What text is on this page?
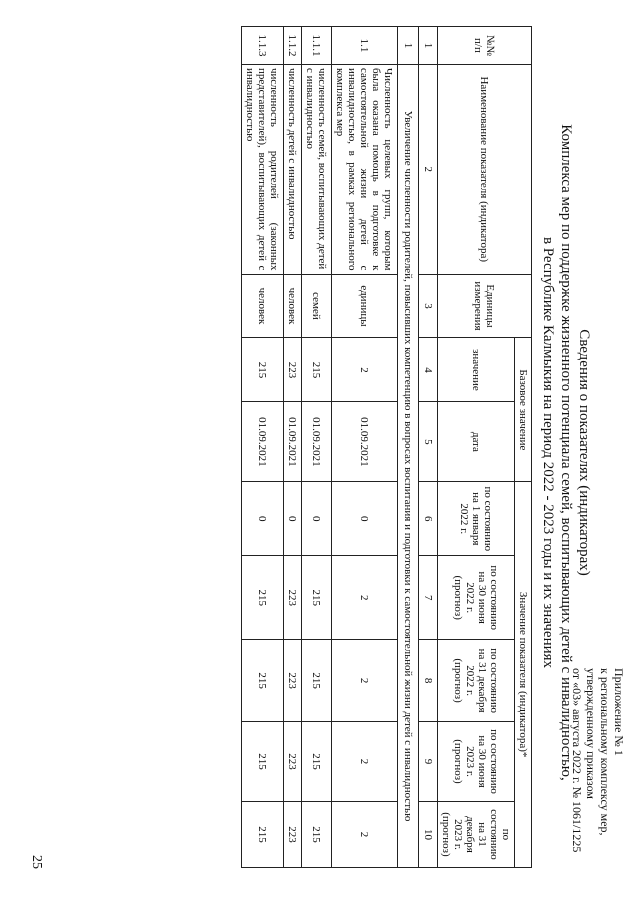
Приложение № 1
к региональному комплексу мер,
утвержденному приказом
от «03» августа 2022 г. № 1061/1225
Сведения о показателях (индикаторах)
Комплекса мер по поддержке жизненного потенциала семей, воспитывающих детей с инвалидностью,
в Республике Калмыкия на период 2022 - 2023 годы и их значениях
№№ п/п	Наименование показателя (индикатора)	Единицы измерения	Базовое значение		Значение показателя (индикатора)*				
			значение	дата	по состоянию на 1 января 2022 г.	по состоянию на 30 июня 2022 г. (прогноз)	по состоянию на 31 декабря 2022 г. (прогноз)	по состоянию на 30 июня 2023 г. (прогноз)	по состоянию на 31 декабря 2023 г. (прогноз)
1	2	3	4	5	6	7	8	9	10
1	Увеличение численности родителей, повысивших компетенцию в вопросах воспитания и подготовки к самостоятельной жизни детей с инвалидностью								
1.1	Численность целевых групп, которым была оказана помощь в подготовке к самостоятельной жизни детей с инвалидностью, в рамках регионального комплекса мер	единицы	2	01.09.2021	0	2	2	2	2
1.1.1	численность семей, воспитывающих детей с инвалидностью	семей	215	01.09.2021	0	215	215	215	215
1.1.2	численность детей с инвалидностью	человек	223	01.09.2021	0	223	223	223	223
1.1.3	численность родителей (законных представителей), воспитывающих детей с инвалидностью	человек	215	01.09.2021	0	215	215	215	215
25
